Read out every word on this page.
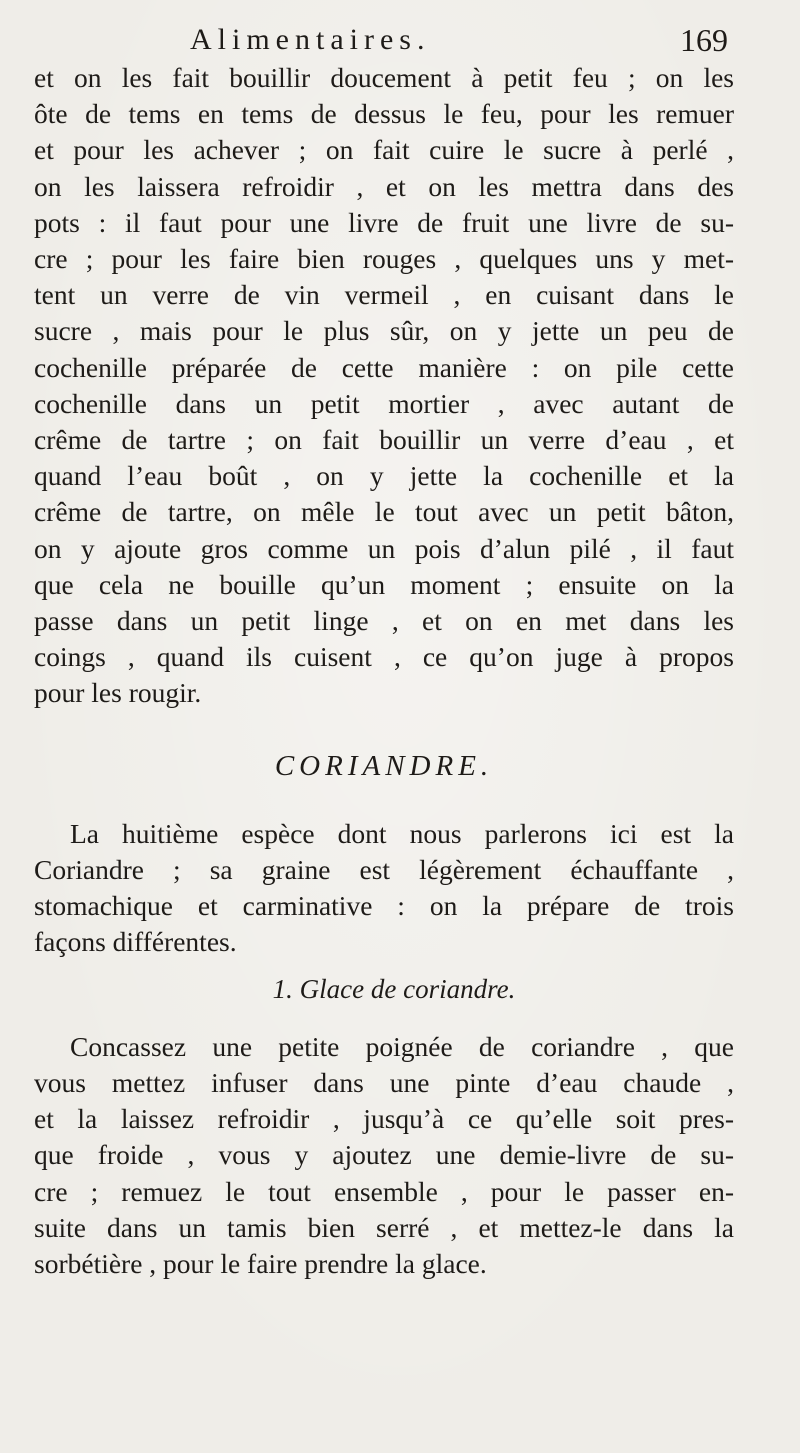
Alimentaires.	169
et on les fait bouillir doucement à petit feu ; on les
ôte de tems en tems de dessus le feu, pour les remuer
et pour les achever ; on fait cuire le sucre à perlé ,
on les laissera refroidir , et on les mettra dans des
pots : il faut pour une livre de fruit une livre de su-
cre ; pour les faire bien rouges , quelques uns y met-
tent un verre de vin vermeil , en cuisant dans le
sucre , mais pour le plus sûr, on y jette un peu de
cochenille préparée de cette manière : on pile cette
cochenille dans un petit mortier , avec autant de
crême de tartre ; on fait bouillir un verre d’eau , et
quand l’eau boût , on y jette la cochenille et la
crême de tartre, on mêle le tout avec un petit bâton,
on y ajoute gros comme un pois d’alun pilé , il faut
que cela ne bouille qu’un moment ; ensuite on la
passe dans un petit linge , et on en met dans les
coings , quand ils cuisent , ce qu’on juge à propos
pour les rougir.
CORIANDRE.
La huitième espèce dont nous parlerons ici est la
Coriandre ; sa graine est légèrement échauffante ,
stomachique et carminative : on la prépare de trois
façons différentes.
1. Glace de coriandre.
Concassez une petite poignée de coriandre , que
vous mettez infuser dans une pinte d’eau chaude ,
et la laissez refroidir , jusqu’à ce qu’elle soit pres-
que froide , vous y ajoutez une demie-livre de su-
cre ; remuez le tout ensemble , pour le passer en-
suite dans un tamis bien serré , et mettez-le dans la
sorbétière , pour le faire prendre la glace.
